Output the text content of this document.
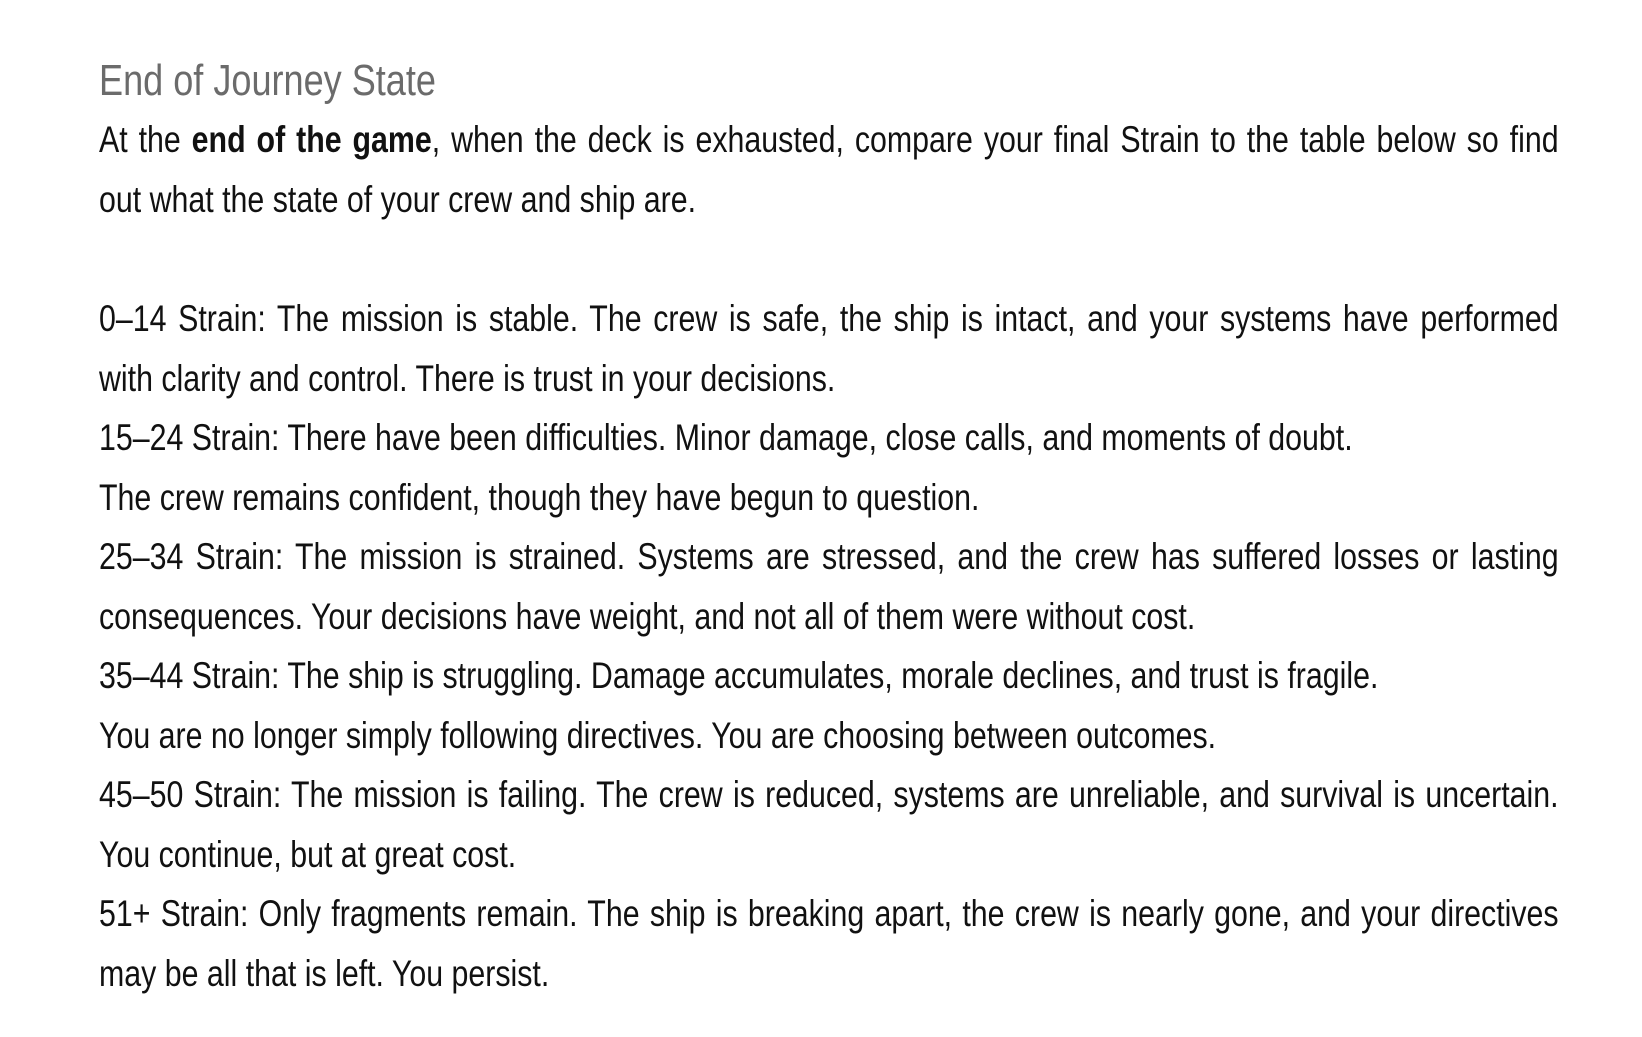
End of Journey State

At the end of the game, when the deck is exhausted, compare your final Strain to the table below so find out what the state of your crew and ship are.

0–14 Strain: The mission is stable. The crew is safe, the ship is intact, and your systems have performed with clarity and control. There is trust in your decisions.

15–24 Strain: There have been difficulties. Minor damage, close calls, and moments of doubt.
The crew remains confident, though they have begun to question.

25–34 Strain: The mission is strained. Systems are stressed, and the crew has suffered losses or lasting consequences. Your decisions have weight, and not all of them were without cost.

35–44 Strain: The ship is struggling. Damage accumulates, morale declines, and trust is fragile.
You are no longer simply following directives. You are choosing between outcomes.

45–50 Strain: The mission is failing. The crew is reduced, systems are unreliable, and survival is uncertain. You continue, but at great cost.

51+ Strain: Only fragments remain. The ship is breaking apart, the crew is nearly gone, and your directives may be all that is left. You persist.
